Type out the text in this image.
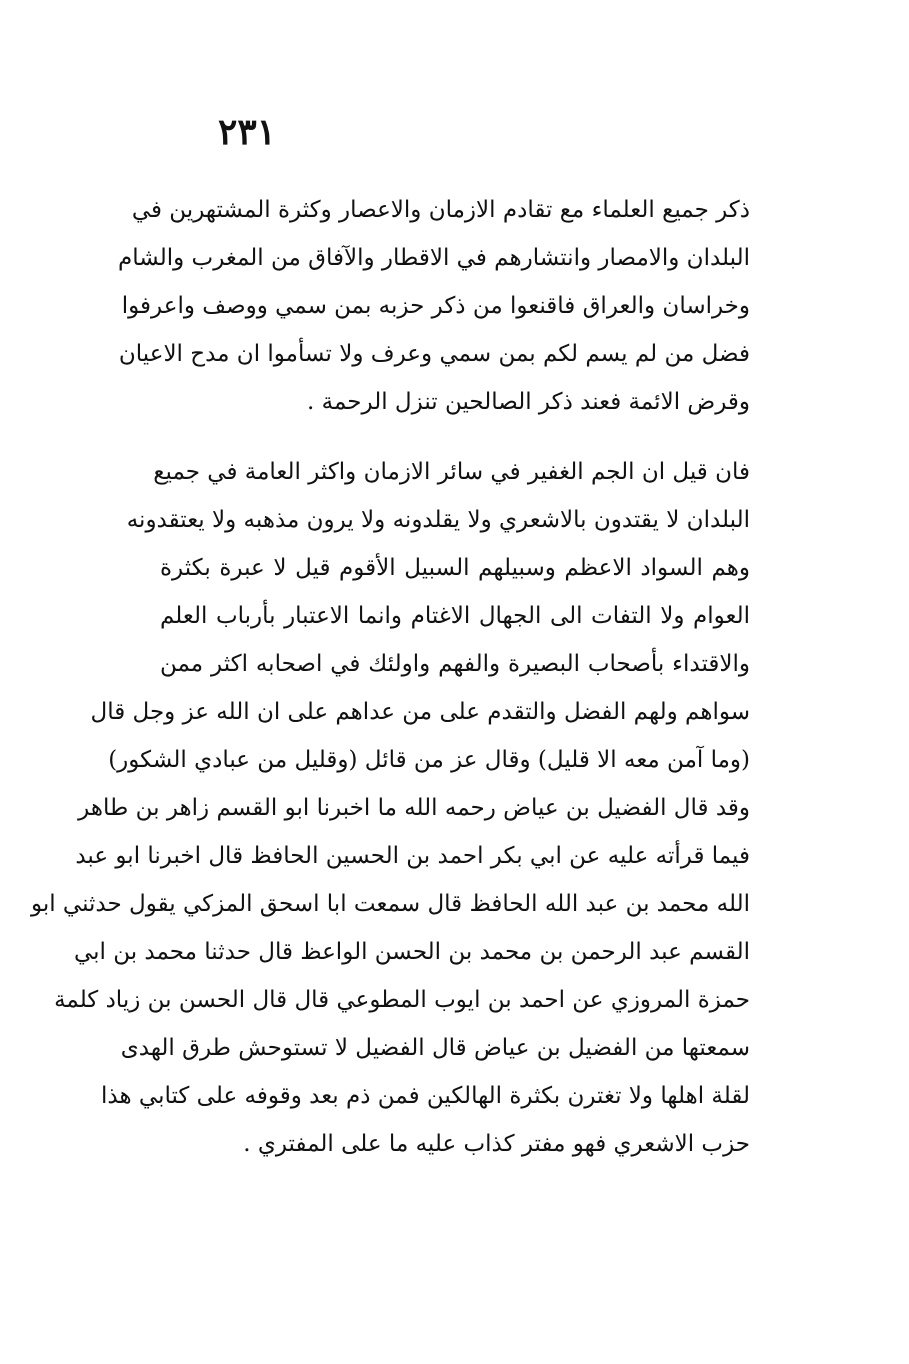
٢٣١

ذكر جميع العلماء مع تقادم الازمان والاعصار وكثرة المشتهرين في
البلدان والامصار وانتشارهم في الاقطار والآفاق من المغرب والشام
وخراسان والعراق فاقنعوا من ذكر حزبه بمن سمي ووصف واعرفوا
فضل من لم يسم لكم بمن سمي وعرف ولا تسأموا ان مدح الاعيان
وقرض الائمة فعند ذكر الصالحين تنزل الرحمة .

فان قيل ان الجم الغفير في سائر الازمان واكثر العامة في جميع
البلدان لا يقتدون بالاشعري ولا يقلدونه ولا يرون مذهبه ولا يعتقدونه
وهم السواد الاعظم وسبيلهم السبيل الأقوم قيل لا عبرة بكثرة
العوام ولا التفات الى الجهال الاغتام وانما الاعتبار بأرباب العلم
والاقتداء بأصحاب البصيرة والفهم واولئك في اصحابه اكثر ممن
سواهم ولهم الفضل والتقدم على من عداهم على ان الله عز وجل قال
(وما آمن معه الا قليل) وقال عز من قائل (وقليل من عبادي الشكور)
وقد قال الفضيل بن عياض رحمه الله ما اخبرنا ابو القسم زاهر بن طاهر
فيما قرأته عليه عن ابي بكر احمد بن الحسين الحافظ قال اخبرنا ابو عبد
الله محمد بن عبد الله الحافظ قال سمعت ابا اسحق المزكي يقول حدثني ابو
القسم عبد الرحمن بن محمد بن الحسن الواعظ قال حدثنا محمد بن ابي
حمزة المروزي عن احمد بن ايوب المطوعي قال قال الحسن بن زياد كلمة
سمعتها من الفضيل بن عياض قال الفضيل لا تستوحش طرق الهدى
لقلة اهلها ولا تغترن بكثرة الهالكين فمن ذم بعد وقوفه على كتابي هذا
حزب الاشعري فهو مفتر كذاب عليه ما على المفتري .
